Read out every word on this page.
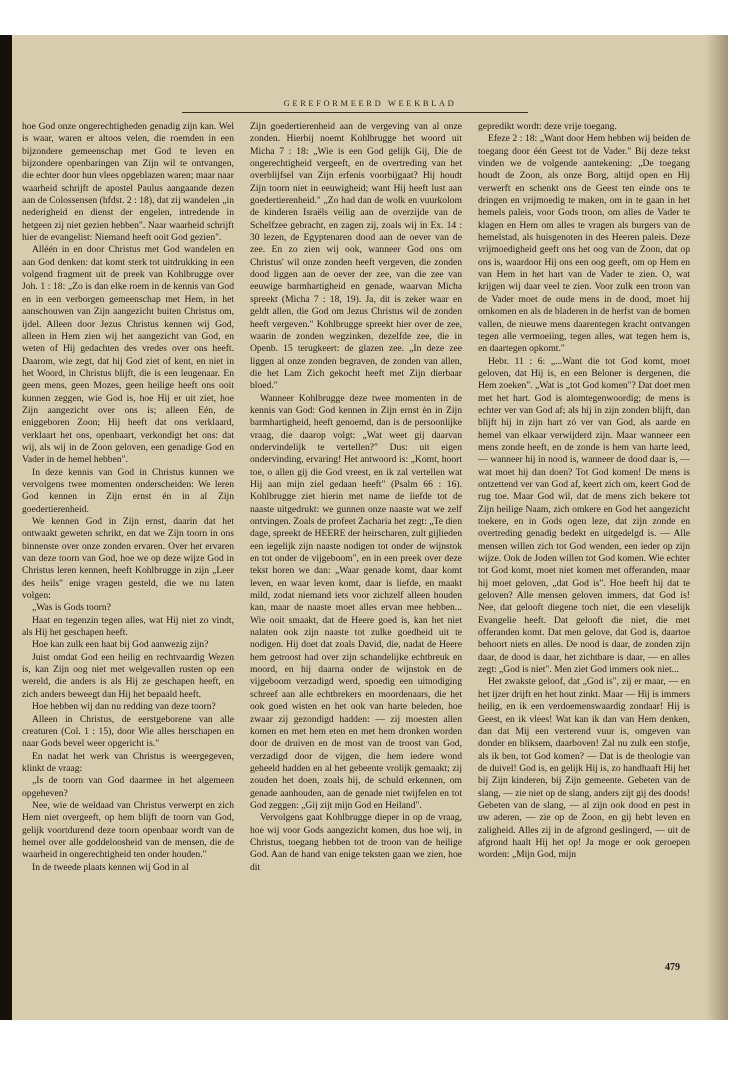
GEREFORMEERD WEEKBLAD

hoe God onze ongerechtigheden genadig zijn kan. Wel is waar, waren er altoos velen, die roemden in een bijzondere gemeenschap met God te leven en bijzondere openbaringen van Zijn wil te ontvangen, die echter door hun vlees opgeblazen waren; maar naar waarheid schrijft de apostel Paulus aangaande dezen aan de Colossensen (hfdst. 2 : 18), dat zij wandelen „in nederigheid en dienst der engelen, intredende in hetgeen zij niet gezien hebben". Naar waarheid schrijft hier de evangelist: Niemand heeft ooit God gezien".

Alléén in en door Christus met God wandelen en aan God denken: dat komt sterk tot uitdrukking in een volgend fragment uit de preek van Kohlbrugge over Joh. 1 : 18: „Zo is dan elke roem in de kennis van God en in een verborgen gemeenschap met Hem, in het aanschouwen van Zijn aangezicht buiten Christus om, ijdel. Alleen door Jezus Christus kennen wij God, alleen in Hem zien wij het aangezicht van God, en weten of Hij gedachten des vredes over ons heeft. Daarom, wie zegt, dat hij God ziet of kent, en niet in het Woord, in Christus blijft, die is een leugenaar. En geen mens, geen Mozes, geen heilige heeft ons ooit kunnen zeggen, wie God is, hoe Hij er uit ziet, hoe Zijn aangezicht over ons is; alleen Eén, de eniggeboren Zoon; Hij heeft dat ons verklaard, verklaart het ons, openbaart, verkondigt het ons: dat wij, als wij in de Zoon geloven, een genadige God en Vader in de hemel hebben".

In deze kennis van God in Christus kunnen we vervolgens twee momenten onderscheiden: We leren God kennen in Zijn ernst én in al Zijn goedertierenheid.

We kennen God in Zijn ernst, daarin dat het ontwaakt geweten schrikt, en dat we Zijn toorn in ons binnenste over onze zonden ervaren. Over het ervaren van deze toorn van God, hoe we op deze wijze God in Christus leren kennen, heeft Kohlbrugge in zijn „Leer des heils" enige vragen gesteld, die we nu laten volgen:

„Was is Gods toorn?

Haat en tegenzin tegen alles, wat Hij niet zo vindt, als Hij het geschapen heeft.

Hoe kan zulk een haat bij God aanwezig zijn?

Juist omdat God een heilig en rechtvaardig Wezen is, kan Zijn oog niet met welgevallen rusten op een wereld, die anders is als Hij ze geschapen heeft, en zich anders beweegt dan Hij het bepaald heeft.

Hoe hebben wij dan nu redding van deze toorn?

Alleen in Christus, de eerstgeborene van alle creaturen (Col. 1 : 15), door Wie alles herschapen en naar Gods bevel weer opgericht is."

En nadat het werk van Christus is weergegeven, klinkt de vraag:

„Is de toorn van God daarmee in het algemeen opgeheven?

Nee, wie de weldaad van Christus verwerpt en zich Hem niet overgeeft, op hem blijft de toorn van God, gelijk voortdurend deze toorn openbaar wordt van de hemel over alle goddeloosheid van de mensen, die de waarheid in ongerechtigheid ten onder houden."

In de tweede plaats kennen wij God in al

Zijn goedertierenheid aan de vergeving van al onze zonden. Hierbij noemt Kohlbrugge het woord uit Micha 7 : 18: „Wie is een God gelijk Gij, Die de ongerechtigheid vergeeft, en de overtreding van het overblijfsel van Zijn erfenis voorbijgaat? Hij houdt Zijn toorn niet in eeuwigheid; want Hij heeft lust aan goedertierenheid." „Zo had dan de wolk en vuurkolom de kinderen Israëls veilig aan de overzijde van de Schelfzee gebracht, en zagen zij, zoals wij in Ex. 14 : 30 lezen, de Egyptenaren dood aan de oever van de zee. En zo zien wij ook, wanneer God ons om Christus' wil onze zonden heeft vergeven, die zonden dood liggen aan de oever der zee, van die zee van eeuwige barmhartigheid en genade, waarvan Micha spreekt (Micha 7 : 18, 19). Ja, dit is zeker waar en geldt allen, die God om Jezus Christus wil de zonden heeft vergeven." Kohlbrugge spreekt hier over de zee, waarin de zonden wegzinken, dezelfde zee, die in Openb. 15 terugkeert: de glazen zee. „In deze zee liggen al onze zonden begraven, de zonden van allen, die het Lam Zich gekocht heeft met Zijn dierbaar bloed."

Wanneer Kohlbrugge deze twee momenten in de kennis van God: God kennen in Zijn ernst èn in Zijn barmhartigheid, heeft genoemd, dan is de persoonlijke vraag, die daarop volgt: „Wat weet gij daarvan ondervindelijk te vertellen?" Dus: uit eigen ondervinding, ervaring! Het antwoord is: „Komt, hoort toe, o allen gij die God vreest, en ik zal vertellen wat Hij aan mijn ziel gedaan heeft" (Psalm 66 : 16). Kohlbrugge ziet hierin met name de liefde tot de naaste uitgedrukt: we gunnen onze naaste wat we zelf ontvingen. Zoals de profeet Zacharia het zegt: „Te dien dage, spreekt de HEERE der heirscharen, zult gijlieden een iegelijk zijn naaste nodigen tot onder de wijnstok en tot onder de vijgeboom", en in een preek over deze tekst horen we dan: „Waar genade komt, daar komt leven, en waar leven komt, daar is liefde, en maakt mild, zodat niemand iets voor zichzelf alleen houden kan, maar de naaste moet alles ervan mee hebben... Wie ooit smaakt, dat de Heere goed is, kan het niet nalaten ook zijn naaste tot zulke goedheid uit te nodigen. Hij doet dat zoals David, die, nadat de Heere hem getroost had over zijn schandelijke echtbreuk en moord, en hij daarna onder de wijnstok en de vijgeboom verzadigd werd, spoedig een uitnodiging schreef aan alle echtbrekers en moordenaars, die het ook goed wisten en het ook van harte beleden, hoe zwaar zij gezondigd hadden: — zij moesten allen komen en met hem eten en met hem dronken worden door de druiven en de most van de troost van God, verzadigd door de vijgen, die hem iedere wond geheeld hadden en al het gebeente vrolijk gemaakt; zij zouden het doen, zoals hij, de schuld erkennen, om genade aanhouden, aan de genade niet twijfelen en tot God zeggen: „Gij zijt mijn God en Heiland".

Vervolgens gaat Kohlbrugge dieper in op de vraag, hoe wij voor Gods aangezicht komen, dus hoe wij, in Christus, toegang hebben tot de troon van de heilige God. Aan de hand van enige teksten gaan we zien, hoe dit

gepredikt wordt: deze vrije toegang.

Efeze 2 : 18: „Want door Hem hebben wij beiden de toegang door één Geest tot de Vader." Bij deze tekst vinden we de volgende aantekening: „De toegang houdt de Zoon, als onze Borg, altijd open en Hij verwerft en schenkt ons de Geest ten einde ons te dringen en vrijmoedig te maken, om in te gaan in het hemels paleis, voor Gods troon, om alles de Vader te klagen en Hem om alles te vragen als burgers van de hemelstad, als huisgenoten in des Heeren paleis. Deze vrijmoedigheid geeft ons het oog van de Zoon, dat op ons is, waardoor Hij ons een oog geeft, om op Hem en van Hem in het hart van de Vader te zien. O, wat krijgen wij daar veel te zien. Voor zulk een troon van de Vader moet de oude mens in de dood, moet hij omkomen en als de bladeren in de herfst van de bomen vallen, de nieuwe mens daarentegen kracht ontvangen tegen alle vermoeiing, tegen alles, wat tegen hem is, en daartegen opkomt."

Hebr. 11 : 6: „...Want die tot God komt, moet geloven, dat Hij is, en een Beloner is dergenen, die Hem zoeken". „Wat is „tot God komen"? Dat doet men met het hart. God is alomtegenwoordig; de mens is echter ver van God af; als hij in zijn zonden blijft, dan blijft hij in zijn hart zó ver van God, als aarde en hemel van elkaar verwijderd zijn. Maar wanneer een mens zonde heeft, en de zonde is hem van harte leed, — wanneer hij in nood is, wanneer de dood daar is, — wat moet hij dan doen? Tot God komen! De mens is ontzettend ver van God af, keert zich om, keert God de rug toe. Maar God wil, dat de mens zich bekere tot Zijn heilige Naam, zich omkere en God het aangezicht toekere, en in Gods ogen leze, dat zijn zonde en overtreding genadig bedekt en uitgedelgd is. — Alle mensen willen zich tot God wenden, een ieder op zijn wijze. Ook de Joden willen tot God komen. Wie echter tot God komt, moet niet komen met offeranden, maar hij moet geloven, „dat God is". Hoe heeft hij dat te geloven? Alle mensen geloven immers, dat God is! Nee, dat gelooft diegene toch niet, die een vleselijk Evangelie heeft. Dat gelooft die niet, die met offeranden komt. Dat men gelove, dat God is, daartoe behoort niets en alles. De nood is daar, de zonden zijn daar, de dood is daar, het zichtbare is daar, — en alles zegt: „God is niet". Men ziet God immers ook niet...

Het zwakste geloof, dat „God is", zij er maar, — en het ijzer drijft en het hout zinkt. Maar — Hij is immers heilig, en ik een verdoemenswaardig zondaar! Hij is Geest, en ik vlees! Wat kan ik dan van Hem denken, dan dat Mij een verterend vuur is, omgeven van donder en bliksem, daarboven! Zal nu zulk een stofje, als ik ben, tot God komen? — Dat is de theologie van de duivel! God is, en gelijk Hij is, zo handhaaft Hij het bij Zijn kinderen, bij Zijn gemeente. Gebeten van de slang, — zie niet op de slang, anders zijt gij des doods! Gebeten van de slang, — al zijn ook dood en pest in uw aderen, — zie op de Zoon, en gij hebt leven en zaligheid. Alles zij in de afgrond geslingerd, — uit de afgrond haalt Hij het op! Ja moge er ook geroepen worden: „Mijn God, mijn

479
